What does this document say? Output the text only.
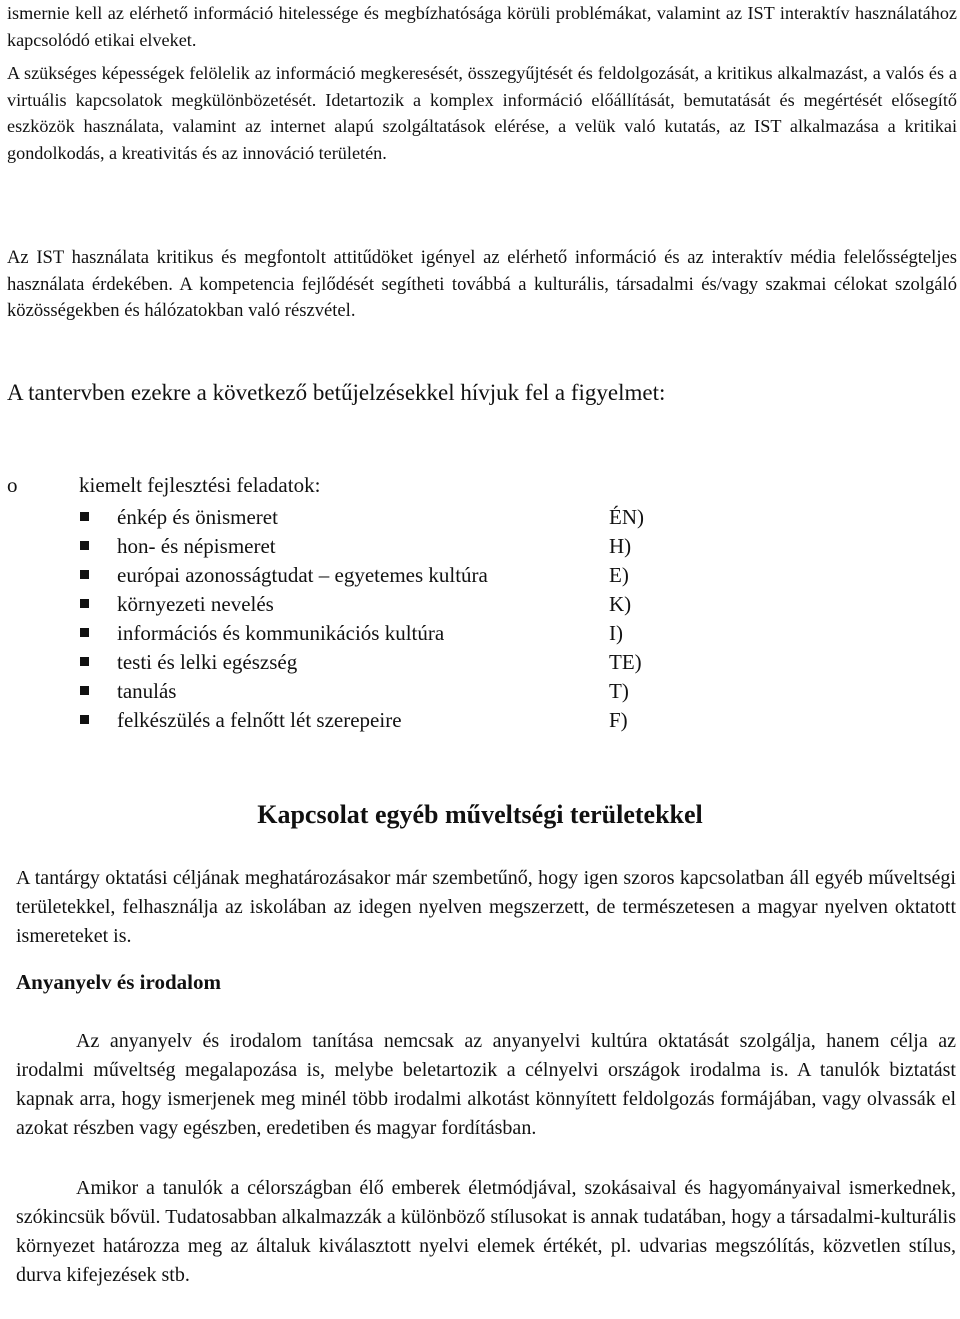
ismernie kell az elérhető információ hitelessége és megbízhatósága körüli problémákat, valamint az IST interaktív használatához kapcsolódó etikai elveket.

A szükséges képességek felölelik az információ megkeresését, összegyűjtését és feldolgozását, a kritikus alkalmazást, a valós és a virtuális kapcsolatok megkülönbözetését. Idetartozik a komplex információ előállítását, bemutatását és megértését elősegítő eszközök használata, valamint az internet alapú szolgáltatások elérése, a velük való kutatás, az IST alkalmazása a kritikai gondolkodás, a kreativitás és az innováció területén.

Az IST használata kritikus és megfontolt attitűdöket igényel az elérhető információ és az interaktív média felelősségteljes használata érdekében. A kompetencia fejlődését segítheti továbbá a kulturális, társadalmi és/vagy szakmai célokat szolgáló közösségekben és hálózatokban való részvétel.

A tantervben ezekre a következő betűjelzésekkel hívjuk fel a figyelmet:

o	kiemelt fejlesztési feladatok:

énkép és önismeret	ÉN)
hon- és népismeret	H)
európai azonosságtudat – egyetemes kultúra	E)
környezeti nevelés	K)
információs és kommunikációs kultúra	I)
testi és lelki egészség	TE)
tanulás	T)
felkészülés a felnőtt lét szerepeire	F)
Kapcsolat egyéb műveltségi területekkel

A tantárgy oktatási céljának meghatározásakor már szembetűnő, hogy igen szoros kapcsolatban áll egyéb műveltségi területekkel, felhasználja az iskolában az idegen nyelven megszerzett, de természetesen a magyar nyelven oktatott ismereteket is.

Anyanyelv és irodalom

Az anyanyelv és irodalom tanítása nemcsak az anyanyelvi kultúra oktatását szolgálja, hanem célja az irodalmi műveltség megalapozása is, melybe beletartozik a célnyelvi országok irodalma is. A tanulók biztatást kapnak arra, hogy ismerjenek meg minél több irodalmi alkotást könnyített feldolgozás formájában, vagy olvassák el azokat részben vagy egészben, eredetiben és magyar fordításban.

Amikor a tanulók a célországban élő emberek életmódjával, szokásaival és hagyományaival ismerkednek, szókincsük bővül. Tudatosabban alkalmazzák a különböző stílusokat is annak tudatában, hogy a társadalmi-kulturális környezet határozza meg az általuk kiválasztott nyelvi elemek értékét, pl. udvarias megszólítás, közvetlen stílus, durva kifejezések stb.
